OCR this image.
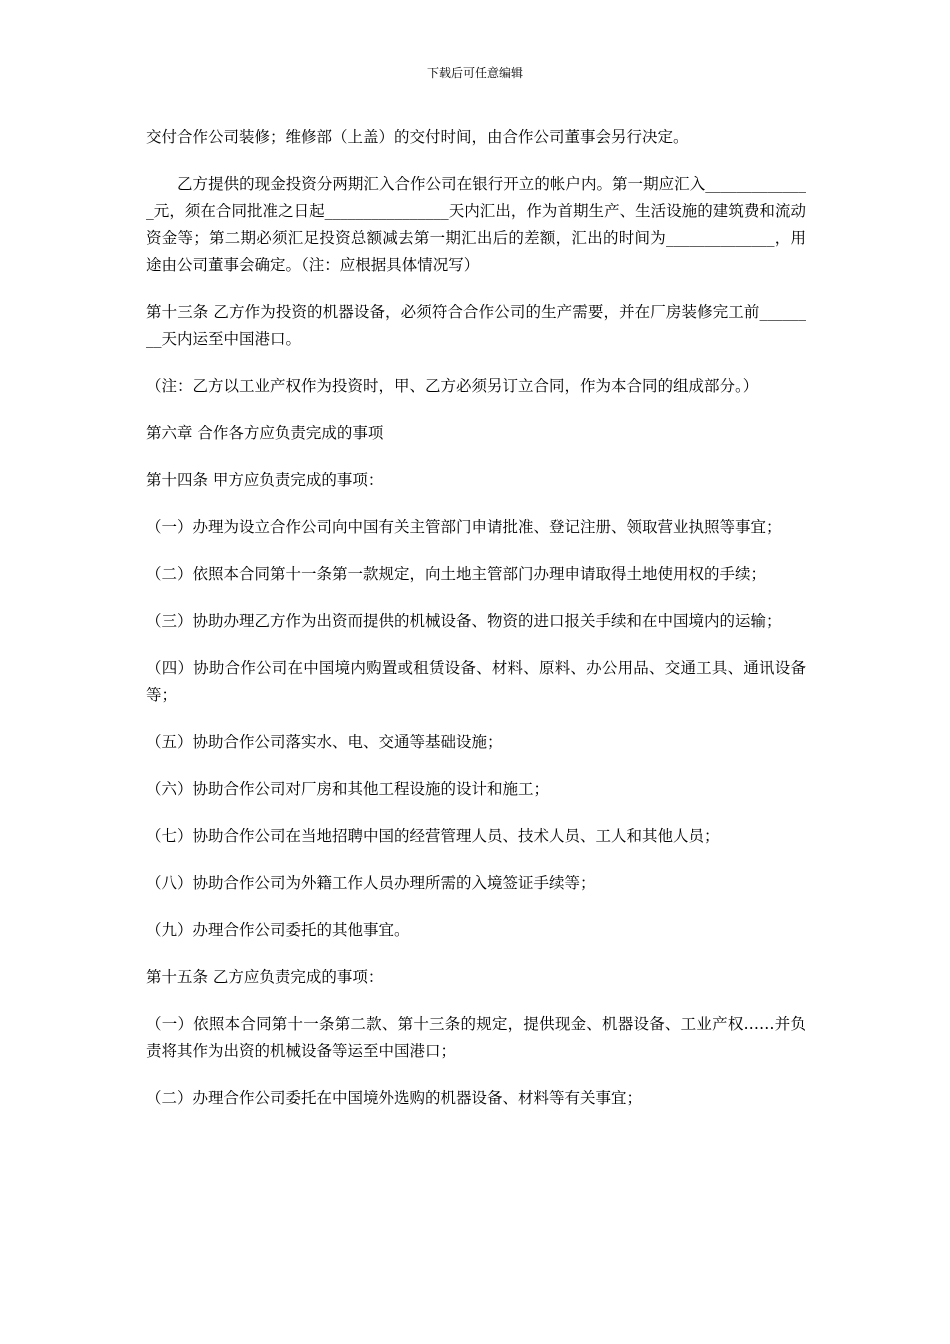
下载后可任意编辑

交付合作公司装修；维修部（上盖）的交付时间，由合作公司董事会另行决定。

乙方提供的现金投资分两期汇入合作公司在银行开立的帐户内。第一期应汇入______________元，须在合同批准之日起________________天内汇出，作为首期生产、生活设施的建筑费和流动资金等；第二期必须汇足投资总额减去第一期汇出后的差额，汇出的时间为______________，用途由公司董事会确定。（注：应根据具体情况写）

第十三条 乙方作为投资的机器设备，必须符合合作公司的生产需要，并在厂房装修完工前________天内运至中国港口。

（注：乙方以工业产权作为投资时，甲、乙方必须另订立合同，作为本合同的组成部分。）

第六章 合作各方应负责完成的事项

第十四条 甲方应负责完成的事项：

（一）办理为设立合作公司向中国有关主管部门申请批准、登记注册、领取营业执照等事宜；

（二）依照本合同第十一条第一款规定，向土地主管部门办理申请取得土地使用权的手续；

（三）协助办理乙方作为出资而提供的机械设备、物资的进口报关手续和在中国境内的运输；

（四）协助合作公司在中国境内购置或租赁设备、材料、原料、办公用品、交通工具、通讯设备等；

（五）协助合作公司落实水、电、交通等基础设施；

（六）协助合作公司对厂房和其他工程设施的设计和施工；

（七）协助合作公司在当地招聘中国的经营管理人员、技术人员、工人和其他人员；

（八）协助合作公司为外籍工作人员办理所需的入境签证手续等；

（九）办理合作公司委托的其他事宜。

第十五条 乙方应负责完成的事项：

（一）依照本合同第十一条第二款、第十三条的规定，提供现金、机器设备、工业产权……并负责将其作为出资的机械设备等运至中国港口；

（二）办理合作公司委托在中国境外选购的机器设备、材料等有关事宜；
